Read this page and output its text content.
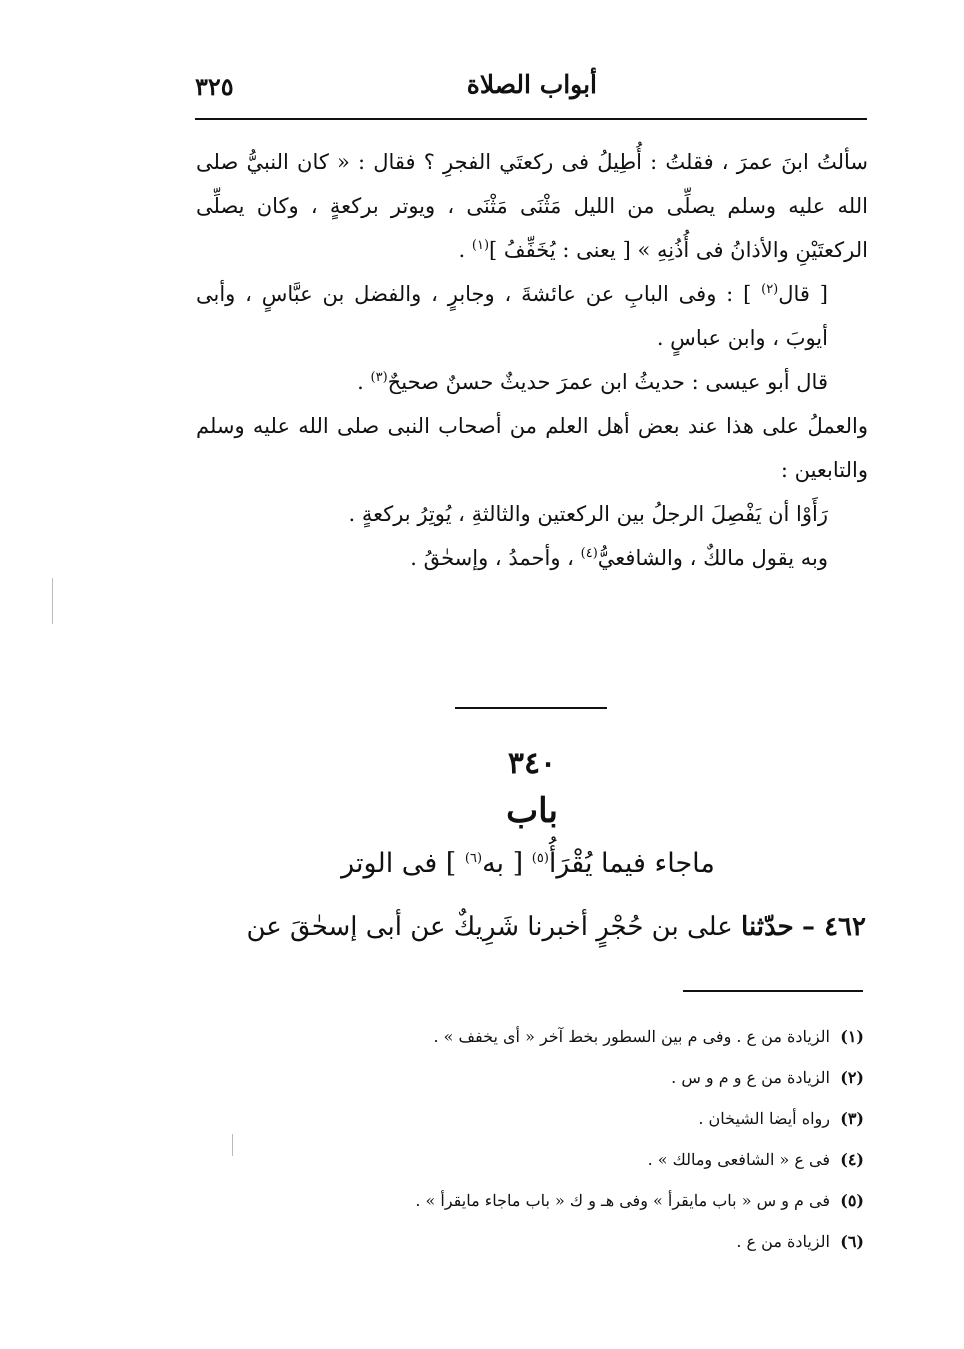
أبواب الصلاة
٣٢٥

سألتُ ابنَ عمرَ ، فقلتُ : أُطِيلُ فى ركعتَي الفجرِ ؟ فقال : « كان النبيُّ صلى الله عليه وسلم يصلِّى من الليل مَثْنَى مَثْنَى ، ويوتر بركعةٍ ، وكان يصلِّى الركعتَيْنِ والأذانُ فى أُذُنِهِ » [ يعنى : يُخَفِّفُ ]$^{(١)}$ .

[ قال$^{(٢)}$ ] : وفى البابِ عن عائشةَ ، وجابرٍ ، والفضل بن عبَّاسٍ ، وأبى أيوبَ ، وابن عباسٍ .

قال أبو عيسى : حديثُ ابن عمرَ حديثٌ حسنٌ صحيحٌ$^{(٣)}$ .

والعملُ على هذا عند بعض أهل العلم من أصحاب النبى صلى الله عليه وسلم والتابعين :

رَأَوْا أن يَفْصِلَ الرجلُ بين الركعتين والثالثةِ ، يُوتِرُ بركعةٍ .

وبه يقول مالكٌ ، والشافعيُّ$^{(٤)}$ ، وأحمدُ ، وإسحٰقُ .

٣٤٠
باب
ماجاء فيما يُقْرَأُ$^{(٥)}$ [ به$^{(٦)}$ ] فى الوتر
٤٦٢ – حدّثنا على بن حُجْرٍ أخبرنا شَرِيكٌ عن أبى إسحٰقَ عن
(١)الزيادة من ع . وفى م بين السطور بخط آخر « أى يخفف » .
(٢)الزيادة من ع و م و س .
(٣)رواه أيضا الشيخان .
(٤)فى ع « الشافعى ومالك » .
(٥)فى م و س « باب مايقرأ » وفى هـ و ك « باب ماجاء مايقرأ » .
(٦)الزيادة من ع .
